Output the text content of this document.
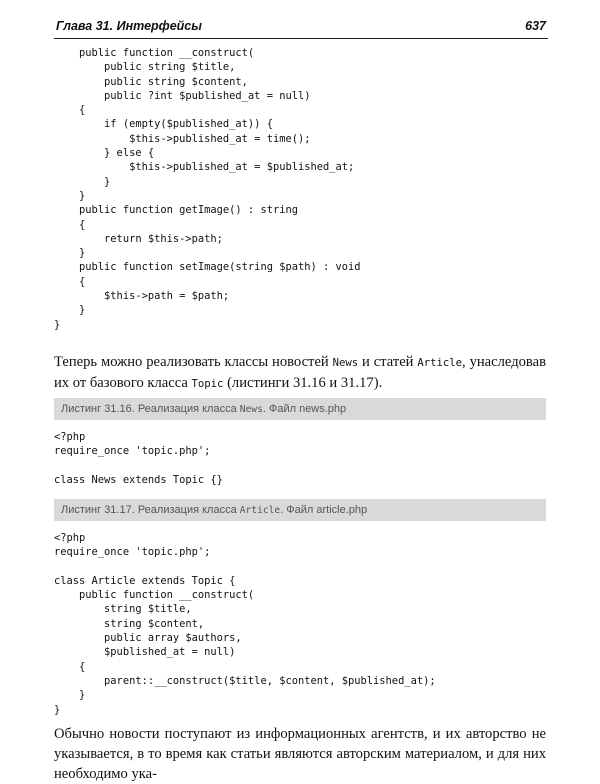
Глава 31. Интерфейсы	637
public function __construct(
public string $title,
public string $content,
public ?int $published_at = null)
{
if (empty($published_at)) {
$this->published_at = time();
} else {
$this->published_at = $published_at;
}
}
public function getImage() : string
{
return $this->path;
}
public function setImage(string $path) : void
{
$this->path = $path;
}
}
Теперь можно реализовать классы новостей News и статей Article, унаследовав их от базового класса Topic (листинги 31.16 и 31.17).
Листинг 31.16. Реализация класса News. Файл news.php
<?php
require_once 'topic.php';

class News extends Topic {}
Листинг 31.17. Реализация класса Article. Файл article.php
<?php
require_once 'topic.php';

class Article extends Topic {
public function __construct(
string $title,
string $content,
public array $authors,
$published_at = null)
{
parent::__construct($title, $content, $published_at);
}
}
Обычно новости поступают из информационных агентств, и их авторство не указывается, в то время как статьи являются авторским материалом, и для них необходимо ука-
